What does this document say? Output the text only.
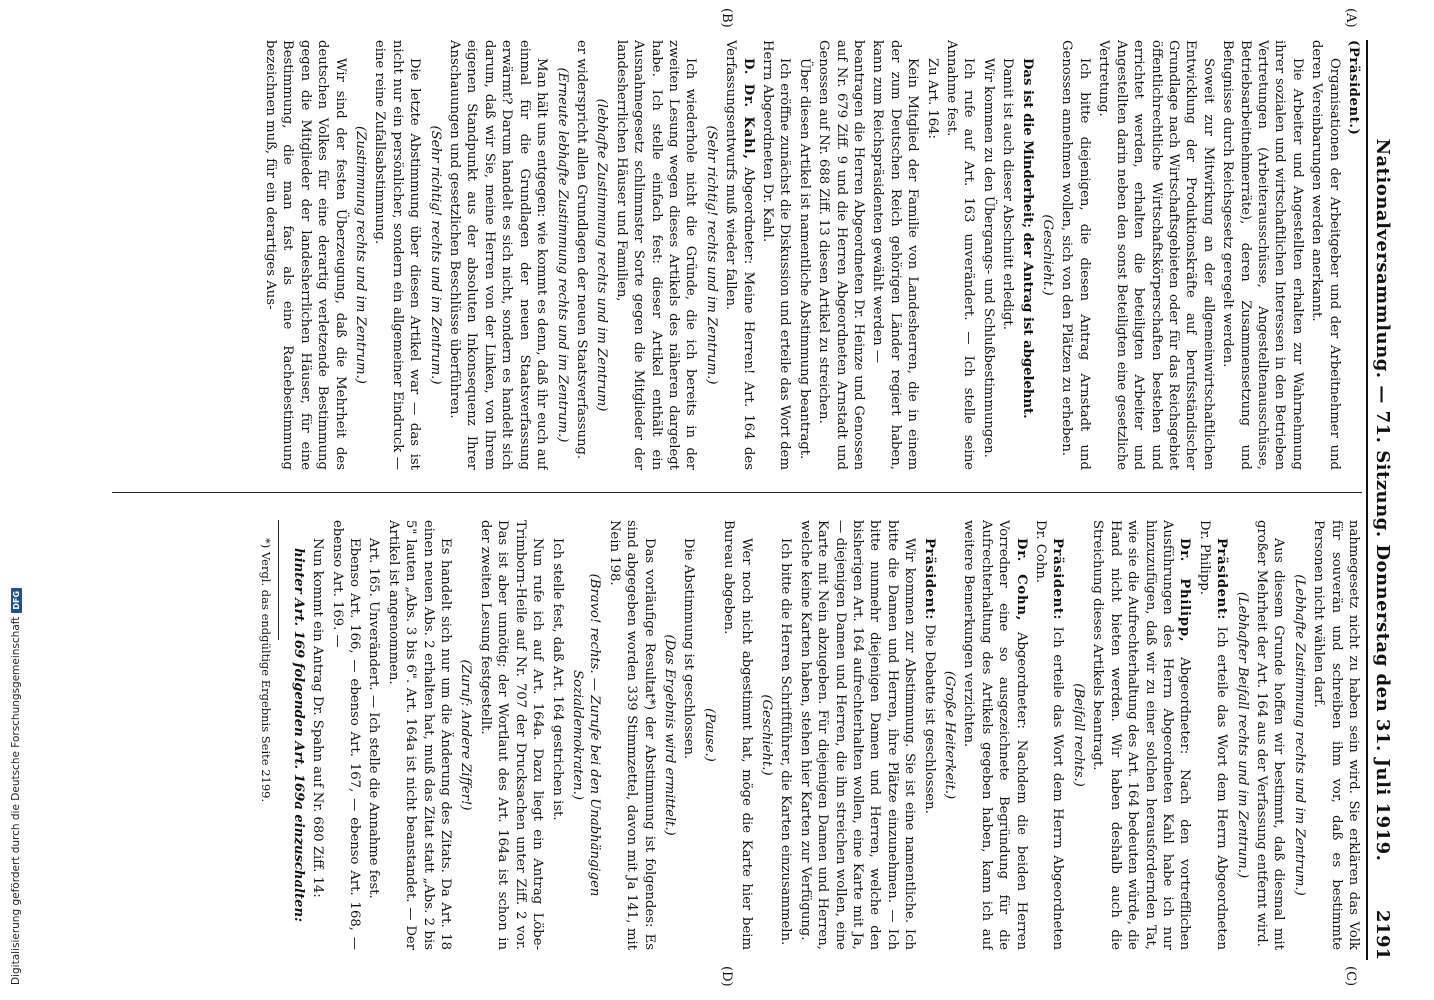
Nationalversammlung. — 71. Sitzung. Donnerstag den 31. Juli 1919.
2191
(A)
(B)
(C)
(D)

(Präsident.)

Organisationen der Arbeitgeber und der Arbeitnehmer und deren Vereinbarungen werden anerkannt.

Die Arbeiter und Angestellten erhalten zur Wahrnehmung ihrer sozialen und wirtschaftlichen Interessen in den Betrieben Vertretungen (Arbeiterausschüsse, Angestelltenausschüsse, Betriebsarbeitnehmerräte), deren Zusammensetzung und Befugnisse durch Reichsgesetz geregelt werden.

Soweit zur Mitwirkung an der allgemeinwirtschaftlichen Entwicklung der Produktionskräfte auf berufsständischer Grundlage nach Wirtschaftsgebieten oder für das Reichsgebiet öffentlichrechtliche Wirtschaftskörperschaften bestehen und errichtet werden, erhalten die beteiligten Arbeiter und Angestellten darin neben den sonst Beteiligten eine gesetzliche Vertretung.

Ich bitte diejenigen, die diesen Antrag Arnstadt und Genossen annehmen wollen, sich von den Plätzen zu erheben.

(Geschieht.)

Das ist die Minderheit; der Antrag ist abgelehnt.

Damit ist auch dieser Abschnitt erledigt.

Wir kommen zu den Übergangs- und Schlußbestimmungen.

Ich rufe auf Art. 163 unverändert. — Ich stelle seine Annahme fest.

Zu Art. 164:

Kein Mitglied der Familie von Landesherren, die in einem der zum Deutschen Reich gehörigen Länder regiert haben, kann zum Reichspräsidenten gewählt werden —

beantragen die Herren Abgeordneten Dr. Heinze und Genossen auf Nr. 679 Ziff. 9 und die Herren Abgeordneten Arnstadt und Genossen auf Nr. 688 Ziff. 13 diesen Artikel zu streichen.

Über diesen Artikel ist namentliche Abstimmung beantragt.

Ich eröffne zunächst die Diskussion und erteile das Wort dem Herrn Abgeordneten Dr. Kahl.

D. Dr. Kahl, Abgeordneter: Meine Herren! Art. 164 des Verfassungsentwurfs muß wieder fallen.

(Sehr richtig! rechts und im Zentrum.)

Ich wiederhole nicht die Gründe, die ich bereits in der zweiten Lesung wegen dieses Artikels des näheren dargelegt habe. Ich stelle einfach fest: dieser Artikel enthält ein Ausnahmegesetz schlimmster Sorte gegen die Mitglieder der landesherrlichen Häuser und Familien,

(lebhafte Zustimmung rechts und im Zentrum)

er widerspricht allen Grundlagen der neuen Staatsverfassung.

(Erneute lebhafte Zustimmung rechts und im Zentrum.)

Man hält uns entgegen: wie kommt es denn, daß ihr euch auf einmal für die Grundlagen der neuen Staatsverfassung erwärmt? Darum handelt es sich nicht, sondern es handelt sich darum, daß wir Sie, meine Herren von der Linken, von Ihrem eigenen Standpunkt aus der absoluten Inkonsequenz Ihrer Anschauungen und gesetzlichen Beschlüsse überführen.

(Sehr richtig! rechts und im Zentrum.)

Die letzte Abstimmung über diesen Artikel war — das ist nicht nur ein persönlicher, sondern ein allgemeiner Eindruck — eine reine Zufallsabstimmung.

(Zustimmung rechts und im Zentrum.)

Wir sind der festen Überzeugung, daß die Mehrheit des deutschen Volkes für eine derartig verletzende Bestimmung gegen die Mitglieder der landesherrlichen Häuser, für eine Bestimmung, die man fast als eine Rachebestimmung bezeichnen muß, für ein derartiges Aus-

nahmegesetz nicht zu haben sein wird. Sie erklären das Volk für souverän und schreiben ihm vor, daß es bestimmte Personen nicht wählen darf.

(Lebhafte Zustimmung rechts und im Zentrum.)

Aus diesem Grunde hoffen wir bestimmt, daß diesmal mit großer Mehrheit der Art. 164 aus der Verfassung entfernt wird.

(Lebhafter Beifall rechts und im Zentrum.)

Präsident: Ich erteile das Wort dem Herrn Abgeordneten Dr. Philipp.

Dr. Philipp, Abgeordneter: Nach den vortrefflichen Ausführungen des Herrn Abgeordneten Kahl habe ich nur hinzuzufügen, daß wir zu einer solchen herausfordernden Tat, wie sie die Aufrechterhaltung des Art. 164 bedeuten würde, die Hand nicht bieten werden. Wir haben deshalb auch die Streichung dieses Artikels beantragt.

(Beifall rechts.)

Präsident: Ich erteile das Wort dem Herrn Abgeordneten Dr. Cohn.

Dr. Cohn, Abgeordneter: Nachdem die beiden Herren Vorredner eine so ausgezeichnete Begründung für die Aufrechterhaltung des Artikels gegeben haben, kann ich auf weitere Bemerkungen verzichten.

(Große Heiterkeit.)

Präsident: Die Debatte ist geschlossen.

Wir kommen zur Abstimmung. Sie ist eine namentliche. Ich bitte die Damen und Herren, ihre Plätze einzunehmen. — Ich bitte nunmehr diejenigen Damen und Herren, welche den bisherigen Art. 164 aufrechterhalten wollen, eine Karte mit Ja, — diejenigen Damen und Herren, die ihn streichen wollen, eine Karte mit Nein abzugeben. Für diejenigen Damen und Herren, welche keine Karten haben, stehen hier Karten zur Verfügung.

Ich bitte die Herren Schriftführer, die Karten einzusammeln.

(Geschieht.)

Wer noch nicht abgestimmt hat, möge die Karte hier beim Bureau abgeben.

(Pause.)

Die Abstimmung ist geschlossen.

(Das Ergebnis wird ermittelt.)

Das vorläufige Resultat*) der Abstimmung ist folgendes: Es sind abgegeben worden 339 Stimmzettel, davon mit Ja 141, mit Nein 198.

(Bravo! rechts. — Zurufe bei den Unabhängigen Sozialdemokraten.)

Ich stelle fest, daß Art. 164 gestrichen ist.

Nun rufe ich auf Art. 164a. Dazu liegt ein Antrag Löbe-Trimborn-Heile auf Nr. 707 der Drucksachen unter Ziff. 2 vor. Das ist aber unnötig; der Wortlaut des Art. 164a ist schon in der zweiten Lesung festgestellt.

(Zuruf: Andere Ziffer!)

Es handelt sich nur um die Änderung des Zitats. Da Art. 18 einen neuen Abs. 2 erhalten hat, muß das Zitat statt „Abs. 2 bis 5" lauten „Abs. 3 bis 6". Art. 164a ist nicht beanstandet. — Der Artikel ist angenommen.

Art. 165. Unverändert. — Ich stelle die Annahme fest.

Ebenso Art. 166, — ebenso Art. 167, — ebenso Art. 168, — ebenso Art. 169. —

Nun kommt ein Antrag Dr. Spahn auf Nr. 680 Ziff. 14:

hinter Art. 169 folgenden Art. 169a einzuschalten:

*) Vergl. das endgültige Ergebnis Seite 2199.

Digitalisierung gefördert durch die Deutsche Forschungsgemeinschaft
DFG
